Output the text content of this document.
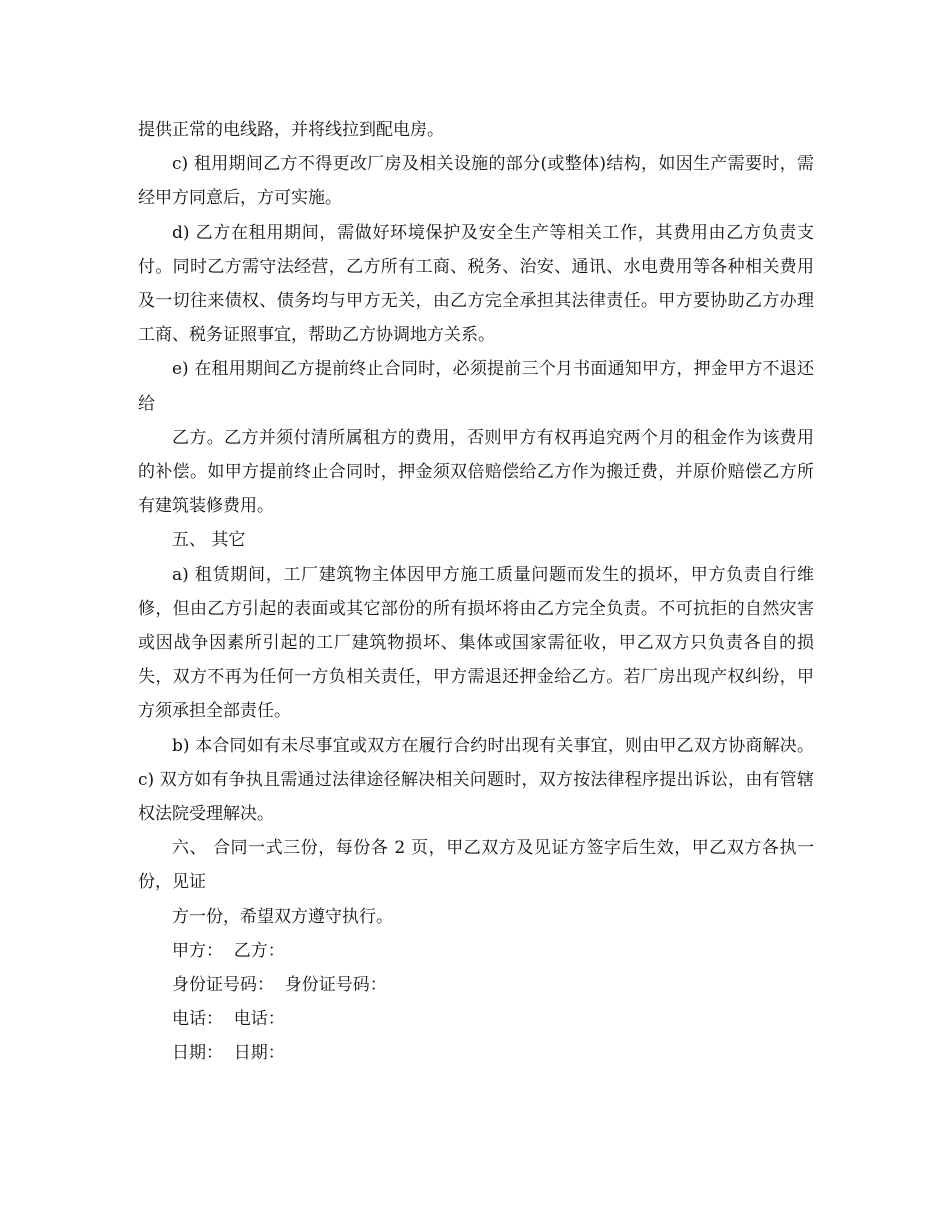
提供正常的电线路，并将线拉到配电房。

c) 租用期间乙方不得更改厂房及相关设施的部分(或整体)结构，如因生产需要时，需经甲方同意后，方可实施。

d) 乙方在租用期间，需做好环境保护及安全生产等相关工作，其费用由乙方负责支付。同时乙方需守法经营，乙方所有工商、税务、治安、通讯、水电费用等各种相关费用及一切往来债权、债务均与甲方无关，由乙方完全承担其法律责任。甲方要协助乙方办理工商、税务证照事宜，帮助乙方协调地方关系。

e) 在租用期间乙方提前终止合同时，必须提前三个月书面通知甲方，押金甲方不退还给

乙方。乙方并须付清所属租方的费用，否则甲方有权再追究两个月的租金作为该费用的补偿。如甲方提前终止合同时，押金须双倍赔偿给乙方作为搬迁费，并原价赔偿乙方所有建筑装修费用。

五、 其它

a) 租赁期间，工厂建筑物主体因甲方施工质量问题而发生的损坏，甲方负责自行维修，但由乙方引起的表面或其它部份的所有损坏将由乙方完全负责。不可抗拒的自然灾害或因战争因素所引起的工厂建筑物损坏、集体或国家需征收，甲乙双方只负责各自的损失，双方不再为任何一方负相关责任，甲方需退还押金给乙方。若厂房出现产权纠纷，甲方须承担全部责任。

b) 本合同如有未尽事宜或双方在履行合约时出现有关事宜，则由甲乙双方协商解决。 c) 双方如有争执且需通过法律途径解决相关问题时，双方按法律程序提出诉讼，由有管辖权法院受理解决。

六、 合同一式三份，每份各 2 页，甲乙双方及见证方签字后生效，甲乙双方各执一份，见证

方一份，希望双方遵守执行。

甲方：  乙方：

身份证号码：  身份证号码：

电话：  电话：

日期：  日期：
